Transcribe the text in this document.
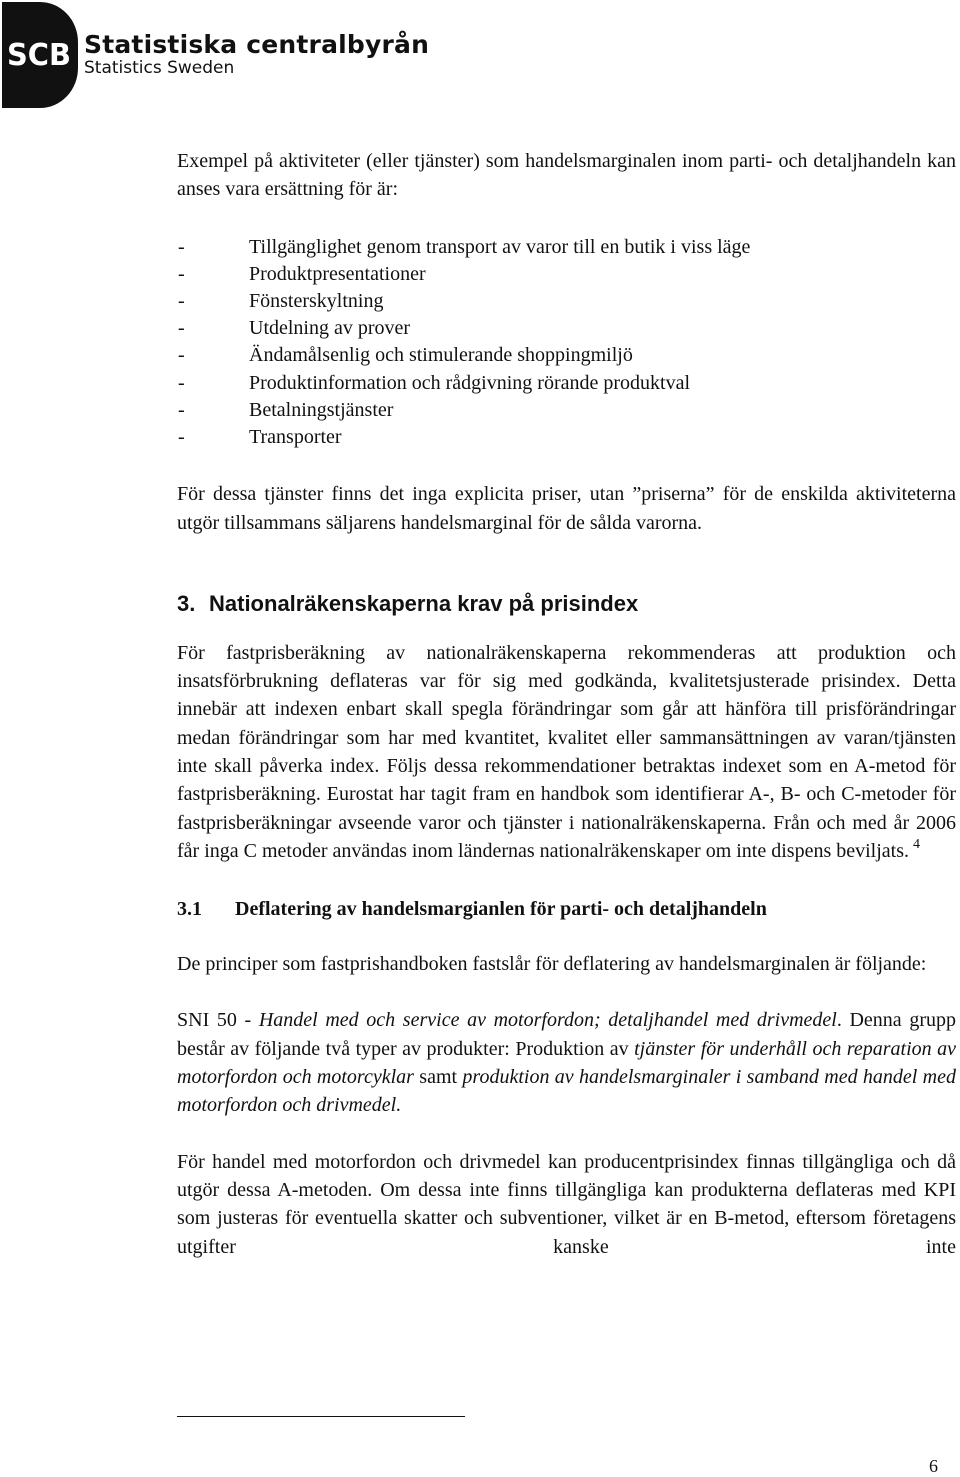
SCB Statistiska centralbyrån
Statistics Sweden

Exempel på aktiviteter (eller tjänster) som handelsmarginalen inom parti- och detaljhandeln kan anses vara ersättning för är:

-	Tillgänglighet genom transport av varor till en butik i viss läge
-	Produktpresentationer
-	Fönsterskyltning
-	Utdelning av prover
-	Ändamålsenlig och stimulerande shoppingmiljö
-	Produktinformation och rådgivning rörande produktval
-	Betalningstjänster
-	Transporter

För dessa tjänster finns det inga explicita priser, utan ”priserna” för de enskilda aktiviteterna utgör tillsammans säljarens handelsmarginal för de sålda varorna.

3. Nationalräkenskaperna krav på prisindex

För fastprisberäkning av nationalräkenskaperna rekommenderas att produktion och insatsförbrukning deflateras var för sig med godkända, kvalitetsjusterade prisindex. Detta innebär att indexen enbart skall spegla förändringar som går att hänföra till prisförändringar medan förändringar som har med kvantitet, kvalitet eller sammansättningen av varan/tjänsten inte skall påverka index. Följs dessa rekommendationer betraktas indexet som en A-metod för fastprisberäkning. Eurostat har tagit fram en handbok som identifierar A-, B- och C-metoder för fastprisberäkningar avseende varor och tjänster i nationalräkenskaperna. Från och med år 2006 får inga C metoder användas inom ländernas nationalräkenskaper om inte dispens beviljats. $^4$

3.1 Deflatering av handelsmargianlen för parti- och detaljhandeln

De principer som fastprishandboken fastslår för deflatering av handelsmarginalen är följande:

SNI 50 - Handel med och service av motorfordon; detaljhandel med drivmedel. Denna grupp består av följande två typer av produkter: Produktion av tjänster för underhåll och reparation av motorfordon och motorcyklar samt produktion av handelsmarginaler i samband med handel med motorfordon och drivmedel.

För handel med motorfordon och drivmedel kan producentprisindex finnas tillgängliga och då utgör dessa A-metoden. Om dessa inte finns tillgängliga kan produkterna deflateras med KPI som justeras för eventuella skatter och subventioner, vilket är en B-metod, eftersom företagens utgifter kanske inte

6
